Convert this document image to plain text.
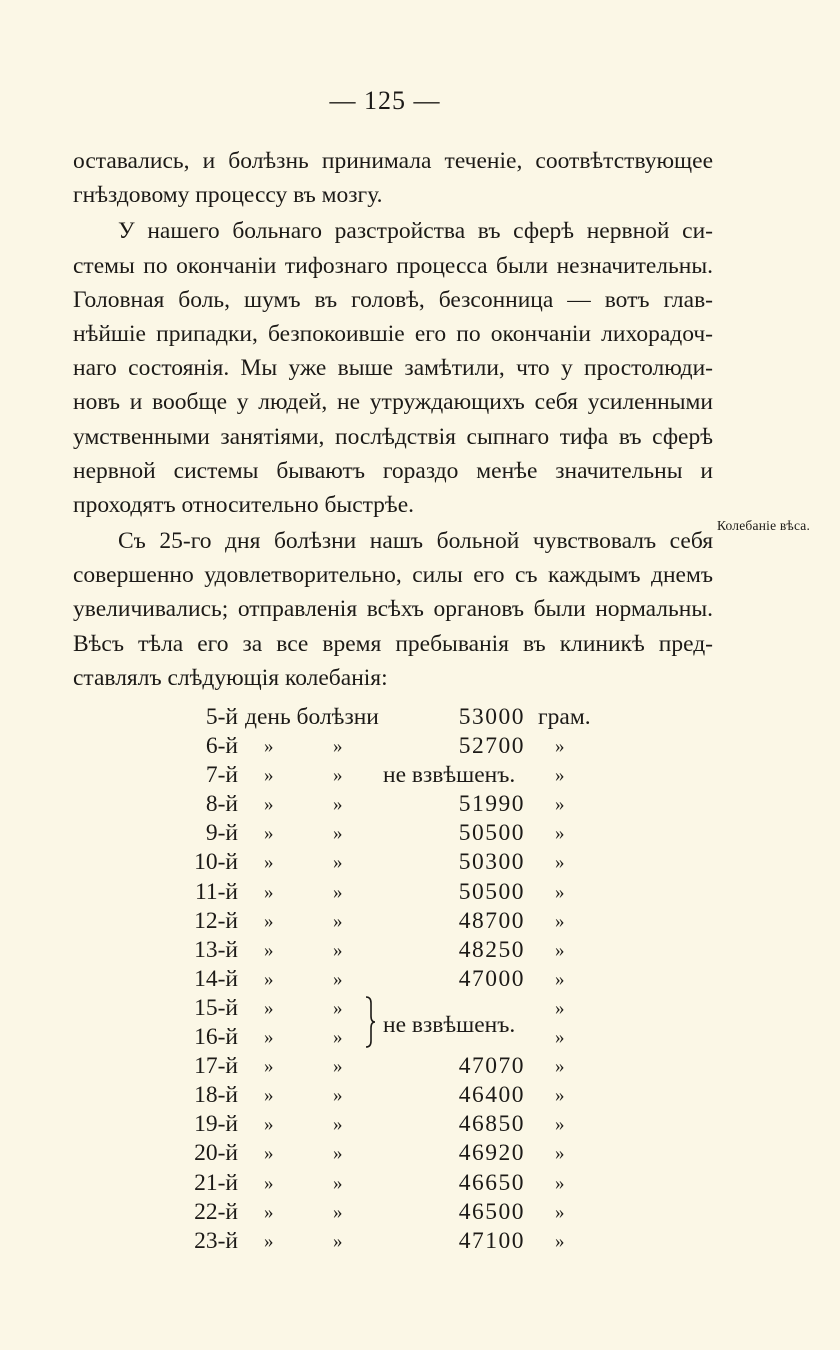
— 125 —
оставались, и болѣзнь принимала теченіе, соотвѣтствующее
гнѣздовому процессу въ мозгу.
У нашего больнаго разстройства въ сферѣ нервной си-
стемы по окончаніи тифознаго процесса были незначительны.
Головная боль, шумъ въ головѣ, безсонница — вотъ глав-
нѣйшіе припадки, безпокоившіе его по окончаніи лихорадоч-
наго состоянія. Мы уже выше замѣтили, что у простолюди-
новъ и вообще у людей, не утруждающихъ себя усиленными
умственными занятіями, послѣдствія сыпнаго тифа въ сферѣ
нервной системы бываютъ гораздо менѣе значительны и
проходятъ относительно быстрѣе.
Съ 25-го дня болѣзни нашъ больной чувствовалъ себя
совершенно удовлетворительно, силы его съ каждымъ днемъ
увеличивались; отправленія всѣхъ органовъ были нормальны.
Вѣсъ тѣла его за все время пребыванія въ клиникѣ пред-
ставлялъ слѣдующія колебанія:
Колебаніе вѣса.
5-й день болѣзни	53000 грам.
6-й »	»	52700 »
7-й »	» не взвѣшенъ. »
8-й »	»	51990 »
9-й »	»	50500 »
10-й »	»	50300 »
11-й »	»	50500 »
12-й »	»	48700 »
13-й »	»	48250 »
14-й »	»	47000 »
15-й »	»	»
16-й »	»	»
17-й »	»	47070 »
18-й »	»	46400 »
19-й »	»	46850 »
20-й »	»	46920 »
21-й »	»	46650 »
22-й »	»	46500 »
23-й »	»	47100 »
не взвѣшенъ.
